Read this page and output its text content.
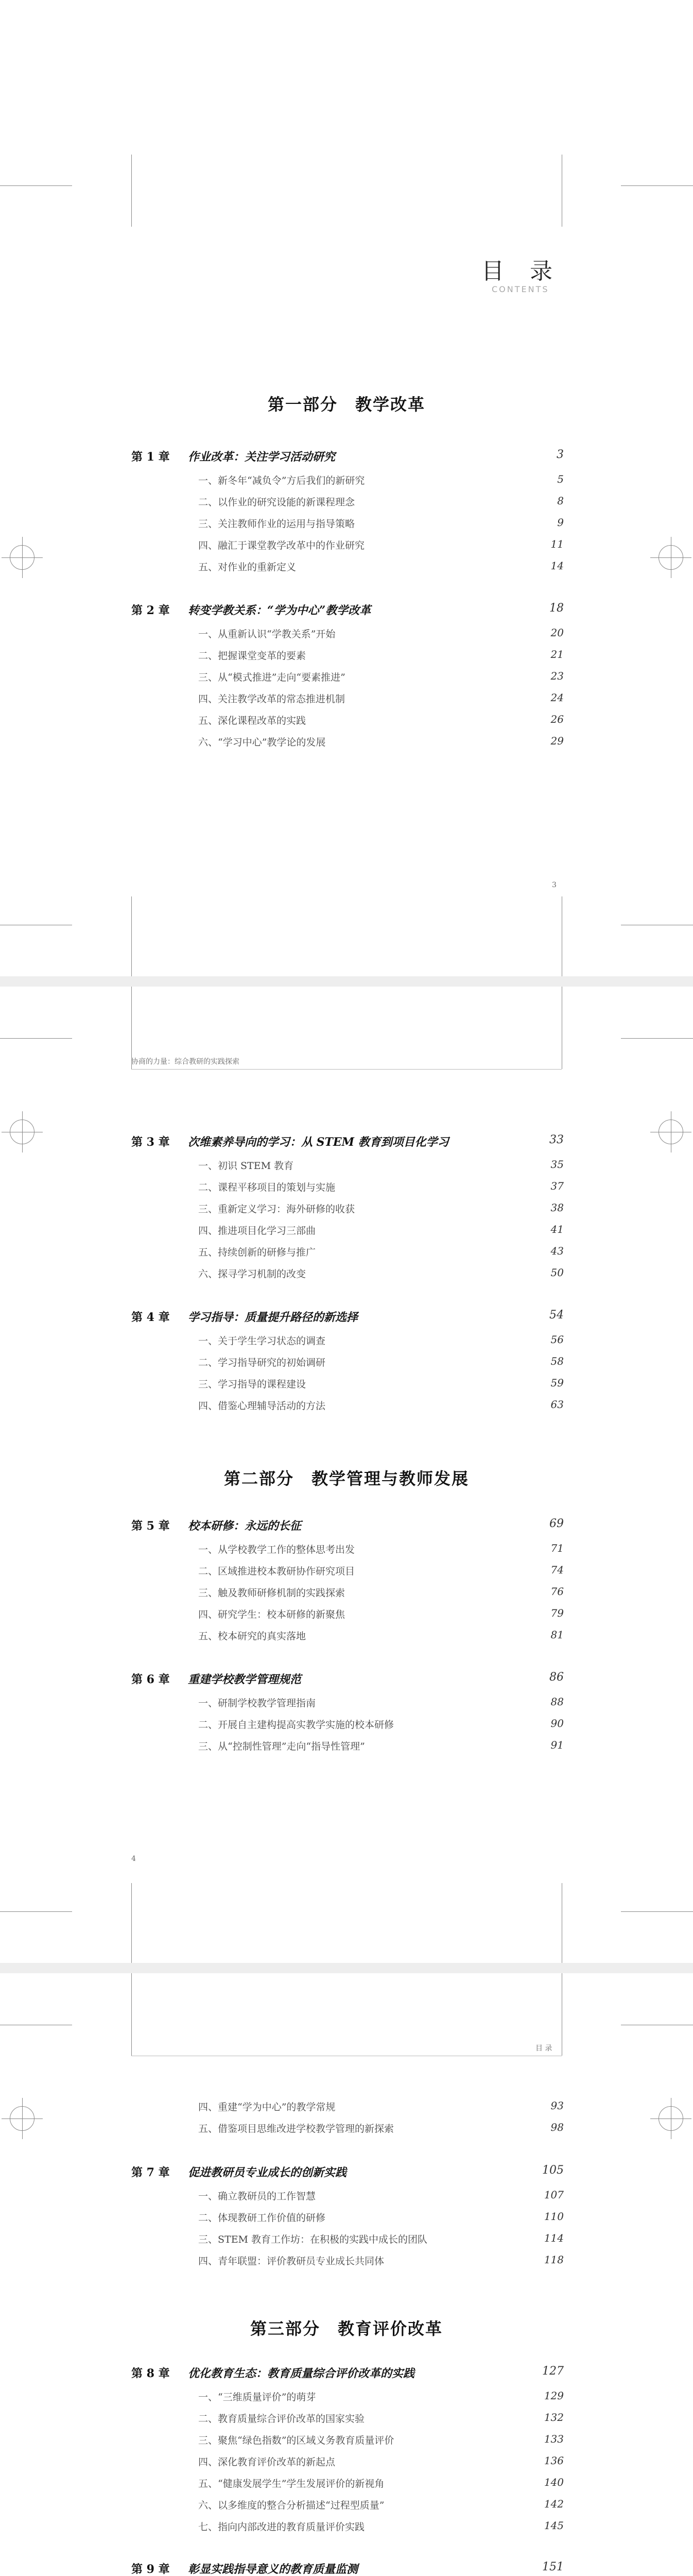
目 录
CONTENTS
第一部分　教学改革
第 1 章 作业改革：关注学习活动研究	3
一、新冬年“减负令”方后我们的新研究	5
二、以作业的研究设能的新课程理念	8
三、关注教师作业的运用与指导策略	9
四、融汇于课堂教学改革中的作业研究	11
五、对作业的重新定义	14
第 2 章 转变学教关系：“学为中心”教学改革	18
一、从重新认识“学教关系”开始	20
二、把握课堂变革的要素	21
三、从“模式推进”走向“要素推进”	23
四、关注教学改革的常态推进机制	24
五、深化课程改革的实践	26
六、“学习中心”教学论的发展	29
3
协商的力量：综合教研的实践探索
第 3 章 次维素养导向的学习：从 STEM 教育到项目化学习	33
一、初识 STEM 教育	35
二、课程平移项目的策划与实施	37
三、重新定义学习：海外研修的收获	38
四、推进项目化学习三部曲	41
五、持续创新的研修与推广	43
六、探寻学习机制的改变	50
第 4 章 学习指导：质量提升路径的新选择	54
一、关于学生学习状态的调查	56
二、学习指导研究的初始调研	58
三、学习指导的课程建设	59
四、借鉴心理辅导活动的方法	63
第二部分　教学管理与教师发展
第 5 章 校本研修：永远的长征	69
一、从学校教学工作的整体思考出发	71
二、区域推进校本教研协作研究项目	74
三、触及教师研修机制的实践探索	76
四、研究学生：校本研修的新聚焦	79
五、校本研究的真实落地	81
第 6 章 重建学校教学管理规范	86
一、研制学校教学管理指南	88
二、开展自主建构提高实教学实施的校本研修	90
三、从“控制性管理”走向“指导性管理”	91
4
目 录
四、重建“学为中心”的教学常规	93
五、借鉴项目思维改进学校教学管理的新探索	98
第 7 章 促进教研员专业成长的创新实践	105
一、确立教研员的工作智慧	107
二、体现教研工作价值的研修	110
三、STEM 教育工作坊：在积极的实践中成长的团队	114
四、青年联盟：评价教研员专业成长共同体	118
第三部分　教育评价改革
第 8 章 优化教育生态：教育质量综合评价改革的实践	127
一、“三维质量评价”的萌芽	129
二、教育质量综合评价改革的国家实验	132
三、聚焦“绿色指数”的区域义务教育质量评价	133
四、深化教育评价改革的新起点	136
五、“健康发展学生”学生发展评价的新视角	140
六、以多维度的整合分析描述“过程型质量”	142
七、指向内部改进的教育质量评价实践	145
第 9 章 彰显实践指导意义的教育质量监测	151
